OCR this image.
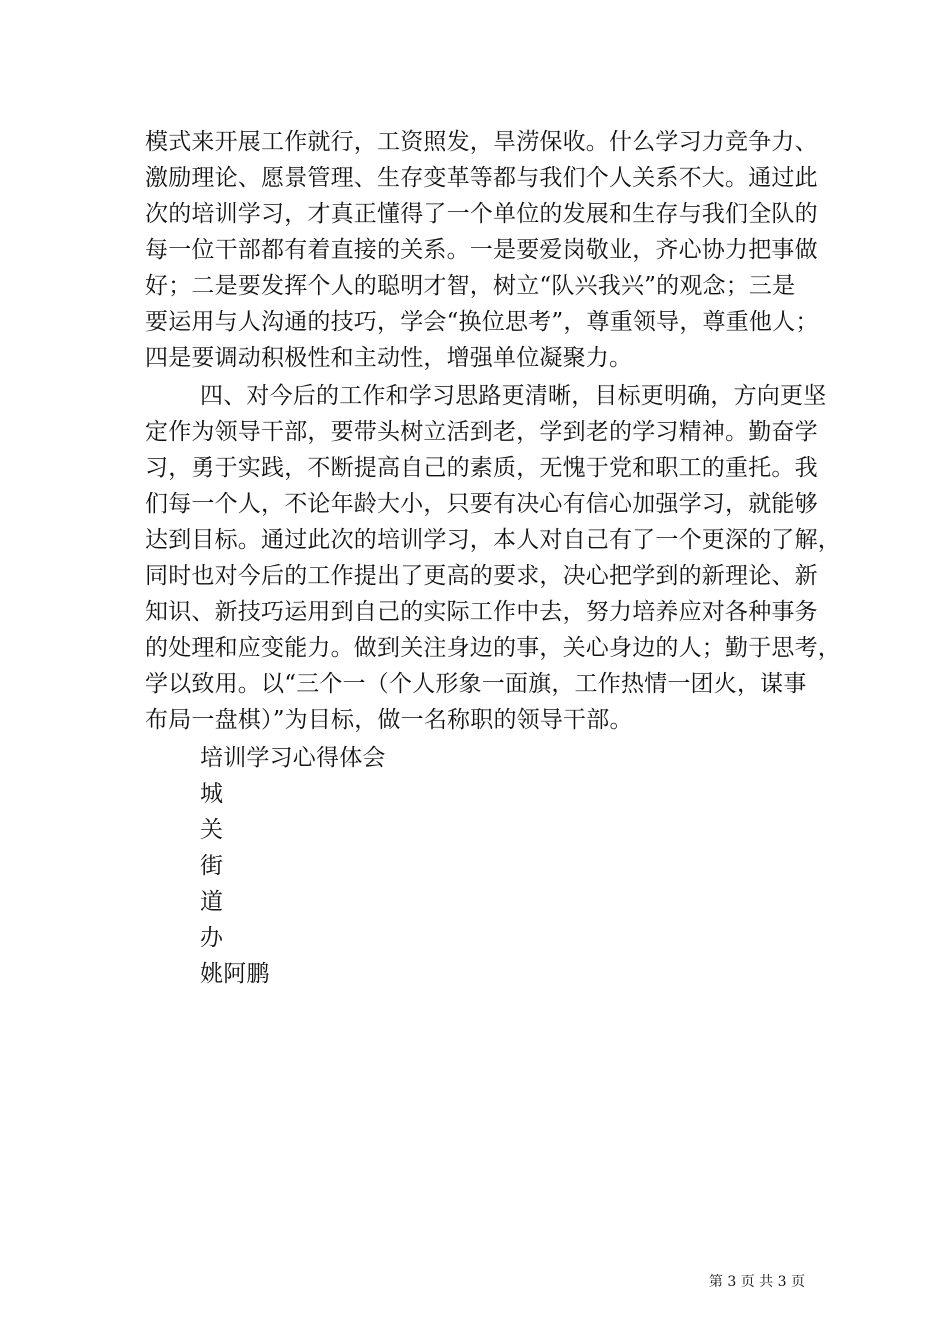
模式来开展工作就行，工资照发，旱涝保收。什么学习力竞争力、
激励理论、愿景管理、生存变革等都与我们个人关系不大。通过此
次的培训学习，才真正懂得了一个单位的发展和生存与我们全队的
每一位干部都有着直接的关系。一是要爱岗敬业，齐心协力把事做
好；二是要发挥个人的聪明才智，树立“队兴我兴”的观念；三是
要运用与人沟通的技巧，学会“换位思考”，尊重领导，尊重他人；
四是要调动积极性和主动性，增强单位凝聚力。
四、对今后的工作和学习思路更清晰，目标更明确，方向更坚
定作为领导干部，要带头树立活到老，学到老的学习精神。勤奋学
习，勇于实践，不断提高自己的素质，无愧于党和职工的重托。我
们每一个人，不论年龄大小，只要有决心有信心加强学习，就能够
达到目标。通过此次的培训学习，本人对自己有了一个更深的了解，
同时也对今后的工作提出了更高的要求，决心把学到的新理论、新
知识、新技巧运用到自己的实际工作中去，努力培养应对各种事务
的处理和应变能力。做到关注身边的事，关心身边的人；勤于思考，
学以致用。以“三个一（个人形象一面旗，工作热情一团火，谋事
布局一盘棋）”为目标，做一名称职的领导干部。
培训学习心得体会
城
关
街
道
办
姚阿鹏
第 3 页 共 3 页
